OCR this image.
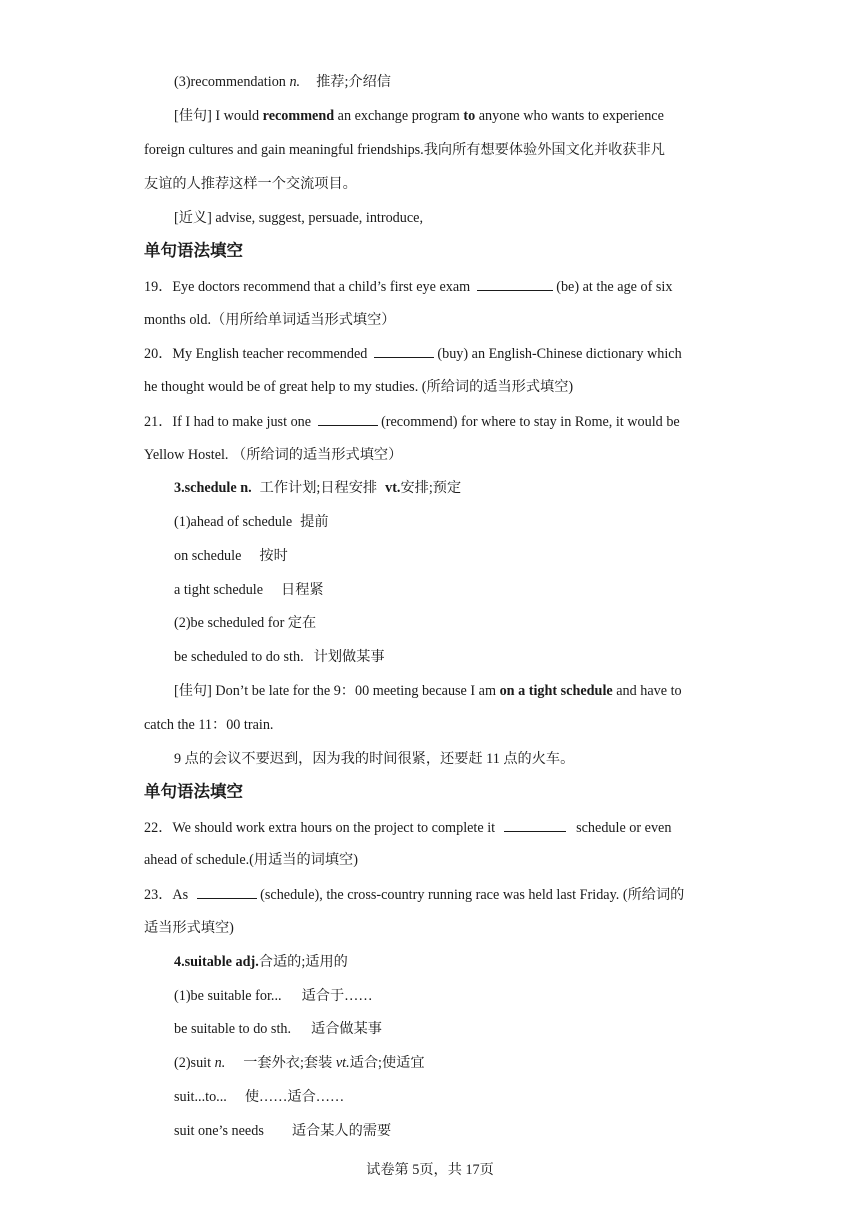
(3)recommendation n. 推荐;介绍信
[佳句] I would recommend an exchange program to anyone who wants to experience
foreign cultures and gain meaningful friendships.我向所有想要体验外国文化并收获非凡
友谊的人推荐这样一个交流项目。
[近义] advise, suggest, persuade, introduce,
单句语法填空
19．Eye doctors recommend that a child’s first eye exam	(be) at the age of six
months old.（用所给单词适当形式填空）
20．My English teacher recommended	(buy) an English-Chinese dictionary which
he thought would be of great help to my studies. (所给词的适当形式填空)
21．If I had to make just one	(recommend) for where to stay in Rome, it would be
Yellow Hostel. （所给词的适当形式填空）
3.schedule n. 工作计划;日程安排 vt.安排;预定
(1)ahead of schedule 提前
on schedule 按时
a tight schedule 日程紧
(2)be scheduled for 定在
be scheduled to do sth. 计划做某事
[佳句] Don’t be late for the 9：00 meeting because I am on a tight schedule and have to
catch the 11：00 train.
9 点的会议不要迟到，因为我的时间很紧，还要赶 11 点的火车。
单句语法填空
22．We should work extra hours on the project to complete it	schedule or even
ahead of schedule.(用适当的词填空)
23．As	(schedule), the cross-country running race was held last Friday. (所给词的
适当形式填空)
4.suitable adj.合适的;适用的
(1)be suitable for... 适合于……
be suitable to do sth. 适合做某事
(2)suit n. 一套外衣;套装 vt.适合;使适宜
suit...to... 使……适合……
suit one’s needs 适合某人的需要
试卷第 5页，共 17页
